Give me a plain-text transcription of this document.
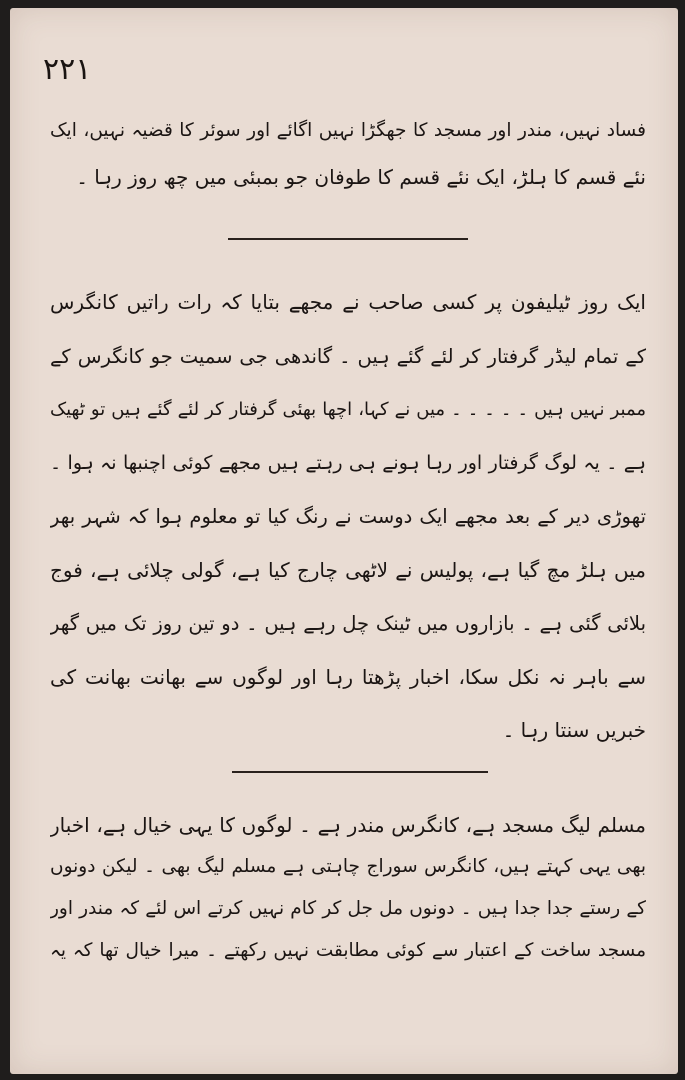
۲۲۱
فساد نہیں، مندر اور مسجد کا جھگڑا نہیں اگائے اور سوئر کا قضیہ نہیں، ایک
نئے قسم کا ہلڑ، ایک نئے قسم کا طوفان جو بمبئی میں چھ روز رہا ۔
ایک روز ٹیلیفون پر کسی صاحب نے مجھے بتایا کہ رات راتیں کانگرس
کے تمام لیڈر گرفتار کر لئے گئے ہیں ۔ گاندھی جی سمیت جو کانگرس کے
ممبر نہیں ہیں ۔ ۔ ۔ ۔ ۔ میں نے کہا، اچھا بھئی گرفتار کر لئے گئے ہیں تو ٹھیک
ہے ۔ یہ لوگ گرفتار اور رہا ہونے ہی رہتے ہیں مجھے کوئی اچنبھا نہ ہوا ۔
تھوڑی دیر کے بعد مجھے ایک دوست نے رنگ کیا تو معلوم ہوا کہ شہر بھر
میں ہلڑ مچ گیا ہے، پولیس نے لاٹھی چارج کیا ہے، گولی چلائی ہے، فوج
بلائی گئی ہے ۔ بازاروں میں ٹینک چل رہے ہیں ۔ دو تین روز تک میں گھر
سے باہر نہ نکل سکا، اخبار پڑھتا رہا اور لوگوں سے بھانت بھانت کی
خبریں سنتا رہا ۔
مسلم لیگ مسجد ہے، کانگرس مندر ہے ۔ لوگوں کا یہی خیال ہے، اخبار
بھی یہی کہتے ہیں، کانگرس سوراج چاہتی ہے مسلم لیگ بھی ۔ لیکن دونوں
کے رستے جدا جدا ہیں ۔ دونوں مل جل کر کام نہیں کرتے اس لئے کہ مندر اور
مسجد ساخت کے اعتبار سے کوئی مطابقت نہیں رکھتے ۔ میرا خیال تھا کہ یہ
